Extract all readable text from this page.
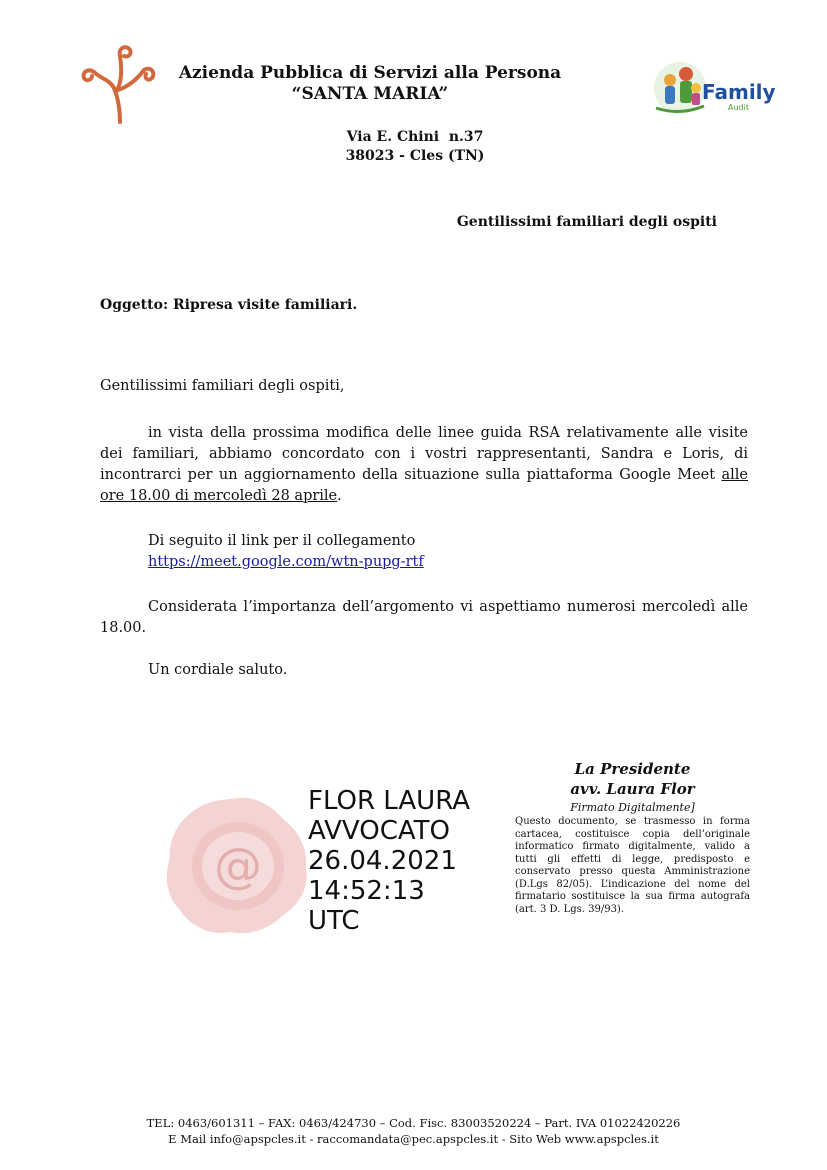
Azienda Pubblica di Servizi alla Persona
“SANTA MARIA”	Family
Audit
Via E. Chini  n.37
38023 - Cles (TN)
Gentilissimi familiari degli ospiti
Oggetto: Ripresa visite familiari.
Gentilissimi familiari degli ospiti,
in vista della prossima modifica delle linee guida RSA relativamente alle visite dei familiari, abbiamo concordato con i vostri rappresentanti, Sandra e Loris, di incontrarci per un aggiornamento della situazione sulla piattaforma Google Meet alle ore 18.00 di mercoledì 28 aprile.
Di seguito il link per il collegamento
https://meet.google.com/wtn-pupg-rtf
Considerata l’importanza dell’argomento vi aspettiamo numerosi mercoledì alle 18.00.
Un cordiale saluto.
@
FLOR LAURA
AVVOCATO
26.04.2021
14:52:13
UTC
La Presidente
avv. Laura Flor
Firmato Digitalmente]
Questo documento, se trasmesso in forma cartacea, costituisce copia dell’originale informatico firmato digitalmente, valido a tutti gli effetti di legge, predisposto e conservato presso questa Amministrazione (D.Lgs 82/05). L’indicazione del nome del firmatario sostituisce la sua firma autografa (art. 3 D. Lgs. 39/93).
TEL: 0463/601311 – FAX: 0463/424730 – Cod. Fisc. 83003520224 – Part. IVA 01022420226
E Mail info@apspcles.it - raccomandata@pec.apspcles.it - Sito Web www.apspcles.it
